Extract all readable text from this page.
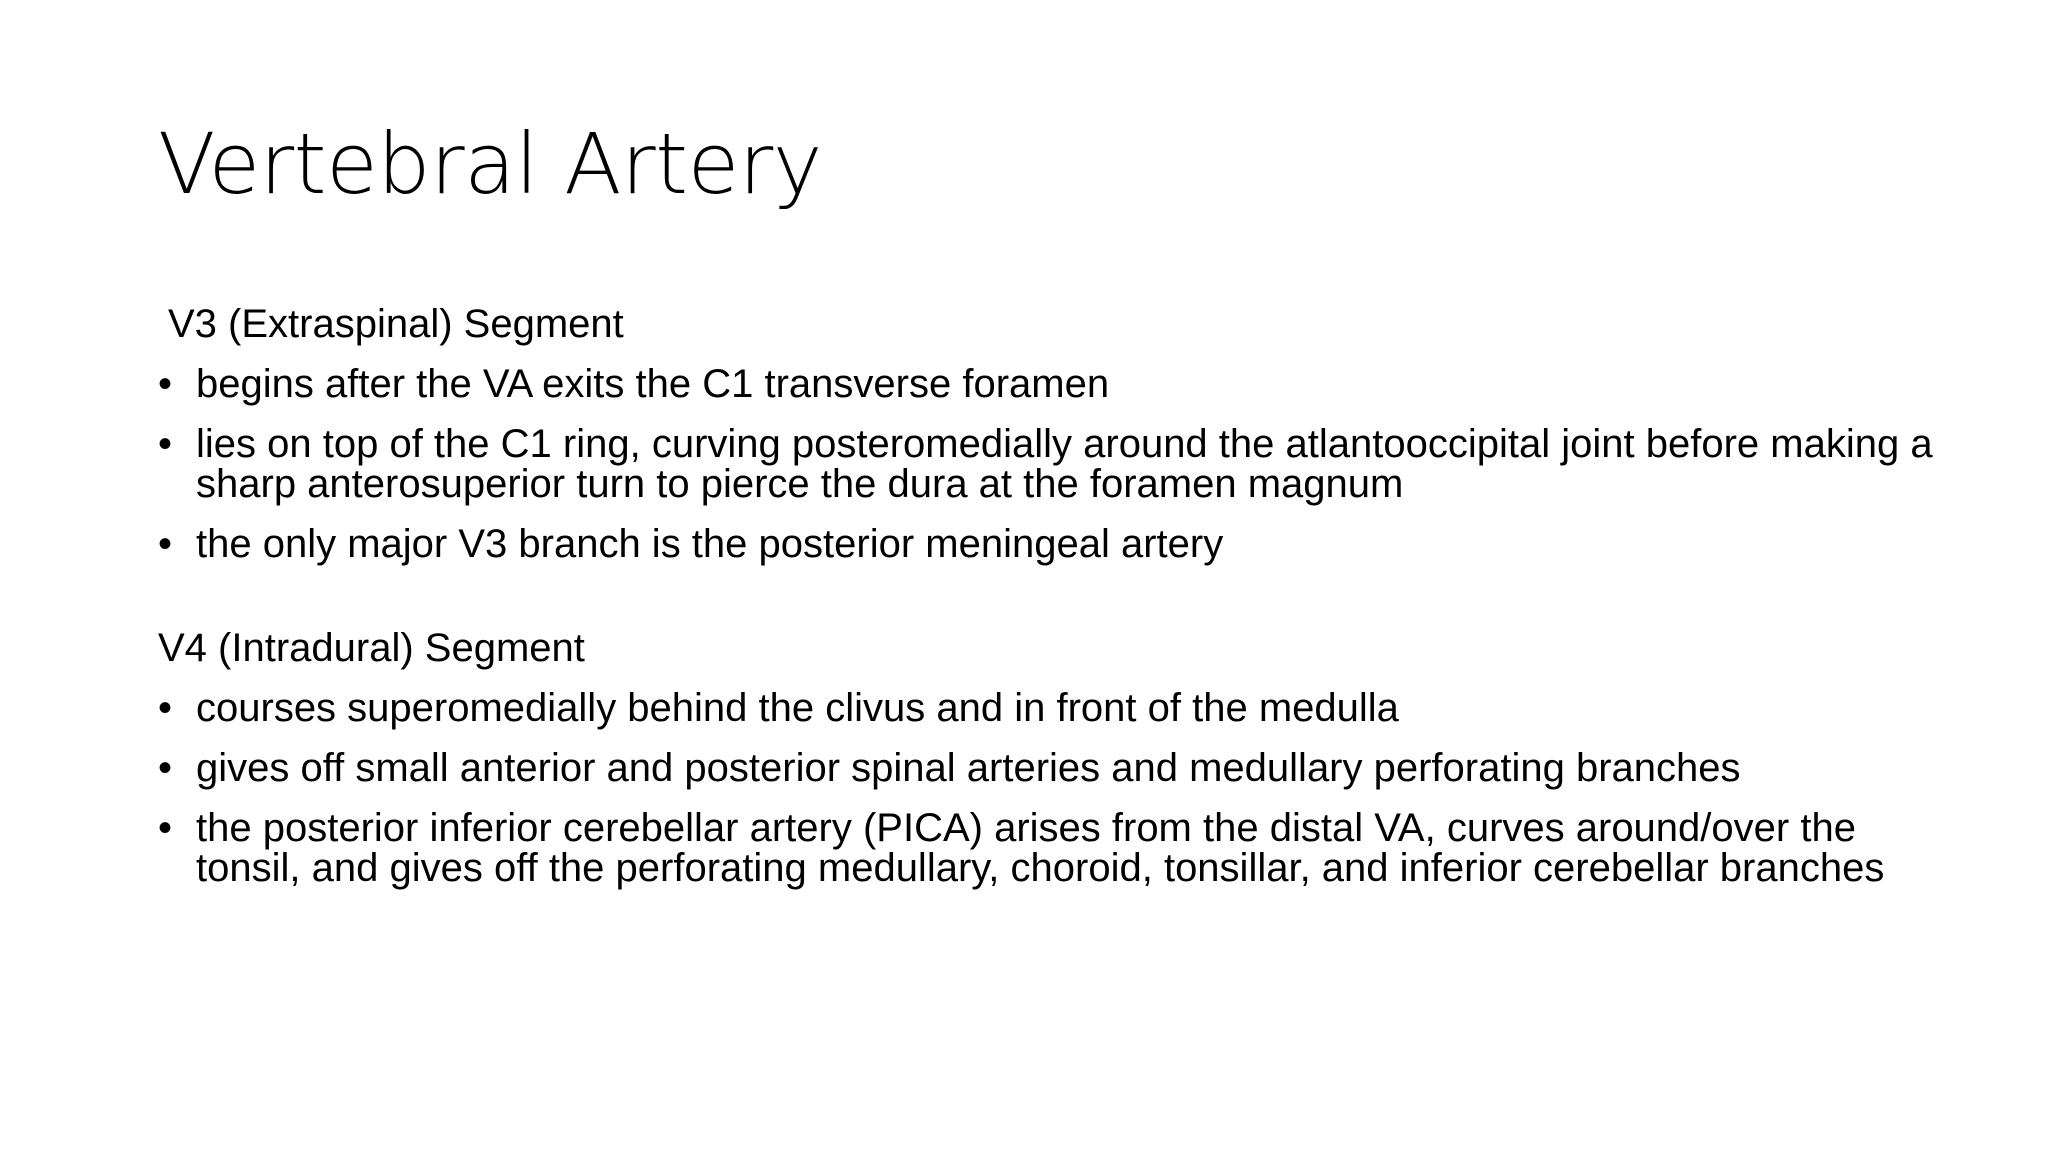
Vertebral Artery

V3 (Extraspinal) Segment

• begins after the VA exits the C1 transverse foramen
• lies on top of the C1 ring, curving posteromedially around the atlantooccipital joint before making a sharp anterosuperior turn to pierce the dura at the foramen magnum
• the only major V3 branch is the posterior meningeal artery

V4 (Intradural) Segment

• courses superomedially behind the clivus and in front of the medulla
• gives off small anterior and posterior spinal arteries and medullary perforating branches
• the posterior inferior cerebellar artery (PICA) arises from the distal VA, curves around/over the tonsil, and gives off the perforating medullary, choroid, tonsillar, and inferior cerebellar branches
